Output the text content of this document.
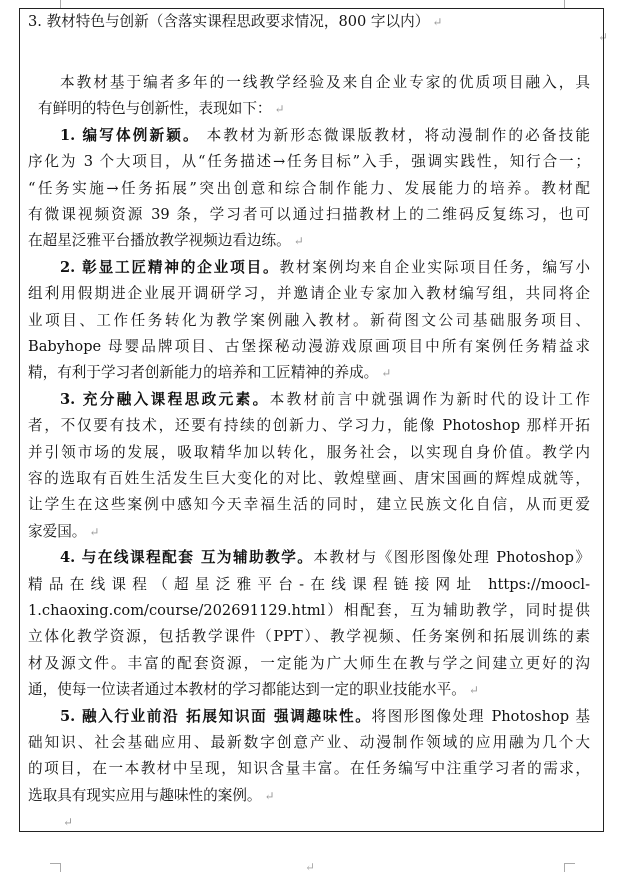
↵
↵
3. 教材特色与创新（含落实课程思政要求情况，800 字以内） ↵
本教材基于编者多年的一线教学经验及来自企业专家的优质项目融入，具
有鲜明的特色与创新性，表现如下： ↵
1. 编写体例新颖。 本教材为新形态微课版教材，将动漫制作的必备技能
序化为 3 个大项目，从“任务描述→任务目标”入手，强调实践性，知行合一；
“任务实施→任务拓展”突出创意和综合制作能力、发展能力的培养。教材配
有微课视频资源 39 条，学习者可以通过扫描教材上的二维码反复练习，也可
在超星泛雅平台播放教学视频边看边练。 ↵
2. 彰显工匠精神的企业项目。教材案例均来自企业实际项目任务，编写小
组利用假期进企业展开调研学习，并邀请企业专家加入教材编写组，共同将企
业项目、工作任务转化为教学案例融入教材。新荷图文公司基础服务项目、
Babyhope 母婴品牌项目、古堡探秘动漫游戏原画项目中所有案例任务精益求
精，有利于学习者创新能力的培养和工匠精神的养成。 ↵
3. 充分融入课程思政元素。本教材前言中就强调作为新时代的设计工作
者，不仅要有技术，还要有持续的创新力、学习力，能像 Photoshop 那样开拓
并引领市场的发展，吸取精华加以转化，服务社会，以实现自身价值。教学内
容的选取有百姓生活发生巨大变化的对比、敦煌壁画、唐宋国画的辉煌成就等，
让学生在这些案例中感知今天幸福生活的同时，建立民族文化自信，从而更爱
家爱国。 ↵
4. 与在线课程配套 互为辅助教学。本教材与《图形图像处理 Photoshop》
精品在线课程（超星泛雅平台-在线课程链接网址 https://moocl-
1.chaoxing.com/course/202691129.html）相配套，互为辅助教学，同时提供
立体化教学资源，包括教学课件（PPT）、教学视频、任务案例和拓展训练的素
材及源文件。丰富的配套资源，一定能为广大师生在教与学之间建立更好的沟
通，使每一位读者通过本教材的学习都能达到一定的职业技能水平。 ↵
5. 融入行业前沿 拓展知识面 强调趣味性。将图形图像处理 Photoshop 基
础知识、社会基础应用、最新数字创意产业、动漫制作领域的应用融为几个大
的项目，在一本教材中呈现，知识含量丰富。在任务编写中注重学习者的需求，
选取具有现实应用与趣味性的案例。 ↵
↵
